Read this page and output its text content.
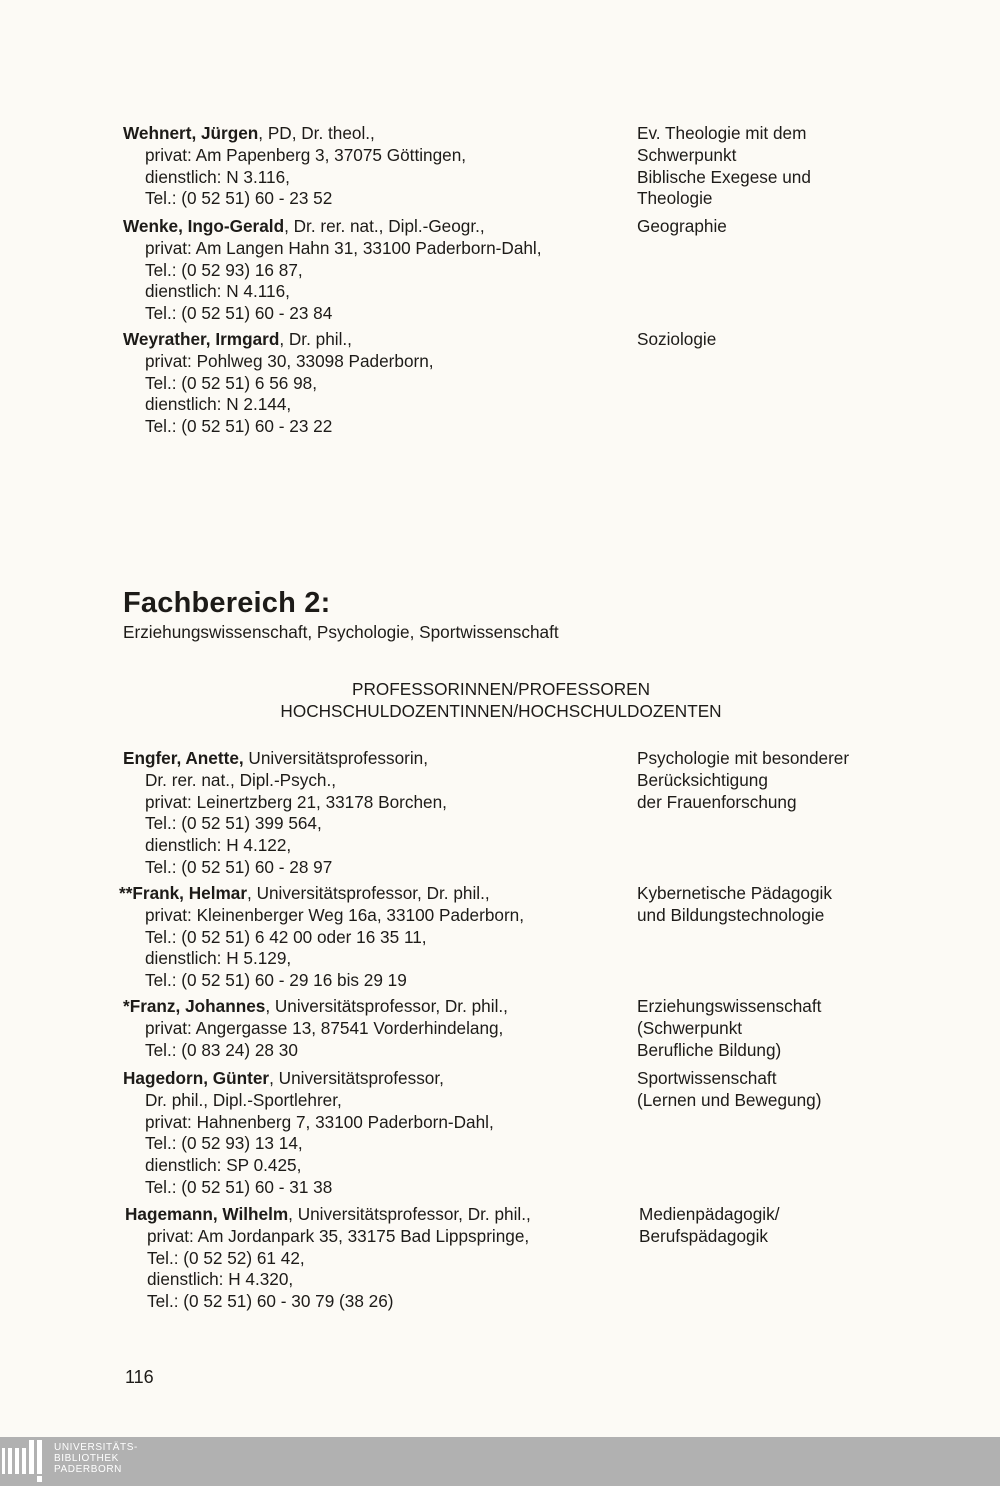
Wehnert, Jürgen, PD, Dr. theol.,
privat: Am Papenberg 3, 37075 Göttingen,
dienstlich: N 3.116,
Tel.: (0 52 51) 60 - 23 52
Ev. Theologie mit dem
Schwerpunkt
Biblische Exegese und
Theologie
Wenke, Ingo-Gerald, Dr. rer. nat., Dipl.-Geogr.,
privat: Am Langen Hahn 31, 33100 Paderborn-Dahl,
Tel.: (0 52 93) 16 87,
dienstlich: N 4.116,
Tel.: (0 52 51) 60 - 23 84
Geographie
Weyrather, Irmgard, Dr. phil.,
privat: Pohlweg 30, 33098 Paderborn,
Tel.: (0 52 51) 6 56 98,
dienstlich: N 2.144,
Tel.: (0 52 51) 60 - 23 22
Soziologie
Fachbereich 2:
Erziehungswissenschaft, Psychologie, Sportwissenschaft
PROFESSORINNEN/PROFESSOREN
HOCHSCHULDOZENTINNEN/HOCHSCHULDOZENTEN
Engfer, Anette, Universitätsprofessorin,
Dr. rer. nat., Dipl.-Psych.,
privat: Leinertzberg 21, 33178 Borchen,
Tel.: (0 52 51) 399 564,
dienstlich: H 4.122,
Tel.: (0 52 51) 60 - 28 97
Psychologie mit besonderer
Berücksichtigung
der Frauenforschung
**Frank, Helmar, Universitätsprofessor, Dr. phil.,
privat: Kleinenberger Weg 16a, 33100 Paderborn,
Tel.: (0 52 51) 6 42 00 oder 16 35 11,
dienstlich: H 5.129,
Tel.: (0 52 51) 60 - 29 16 bis 29 19
Kybernetische Pädagogik
und Bildungstechnologie
*Franz, Johannes, Universitätsprofessor, Dr. phil.,
privat: Angergasse 13, 87541 Vorderhindelang,
Tel.: (0 83 24) 28 30
Erziehungswissenschaft
(Schwerpunkt
Berufliche Bildung)
Hagedorn, Günter, Universitätsprofessor,
Dr. phil., Dipl.-Sportlehrer,
privat: Hahnenberg 7, 33100 Paderborn-Dahl,
Tel.: (0 52 93) 13 14,
dienstlich: SP 0.425,
Tel.: (0 52 51) 60 - 31 38
Sportwissenschaft
(Lernen und Bewegung)
Hagemann, Wilhelm, Universitätsprofessor, Dr. phil.,
privat: Am Jordanpark 35, 33175 Bad Lippspringe,
Tel.: (0 52 52) 61 42,
dienstlich: H 4.320,
Tel.: (0 52 51) 60 - 30 79 (38 26)
Medienpädagogik/
Berufspädagogik
116
UNIVERSITÄTS-
BIBLIOTHEK
PADERBORN
